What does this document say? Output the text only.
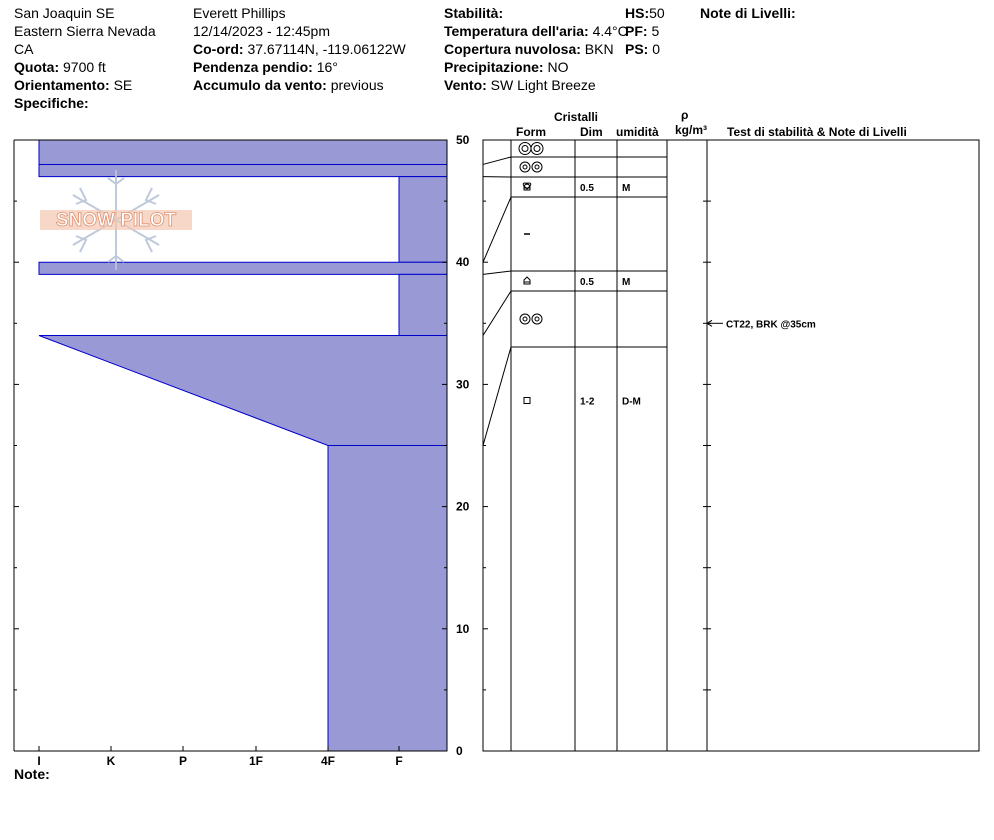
San Joaquin SE
Eastern Sierra Nevada
CA
Quota: 9700 ft
Orientamento: SE
Specifiche:
Everett Phillips
12/14/2023 - 12:45pm
Co-ord: 37.67114N, -119.06122W
Pendenza pendio: 16°
Accumulo da vento: previous
Stabilità:
Temperatura dell'aria: 4.4°C
Copertura nuvolosa: BKN
Precipitazione: NO
Vento: SW Light Breeze
HS:50
PF: 5
PS: 0
Note di Livelli:
Cristalli
Form	Dim umidità
ρ
kg/m³ Test di stabilità & Note di Livelli
0
10
20
30
40
50
I	K	P	1F	4F	F
0.5	M
0.5	M
1-2	D-M
CT22, BRK @35cm
SNOW PILOT
Note:
